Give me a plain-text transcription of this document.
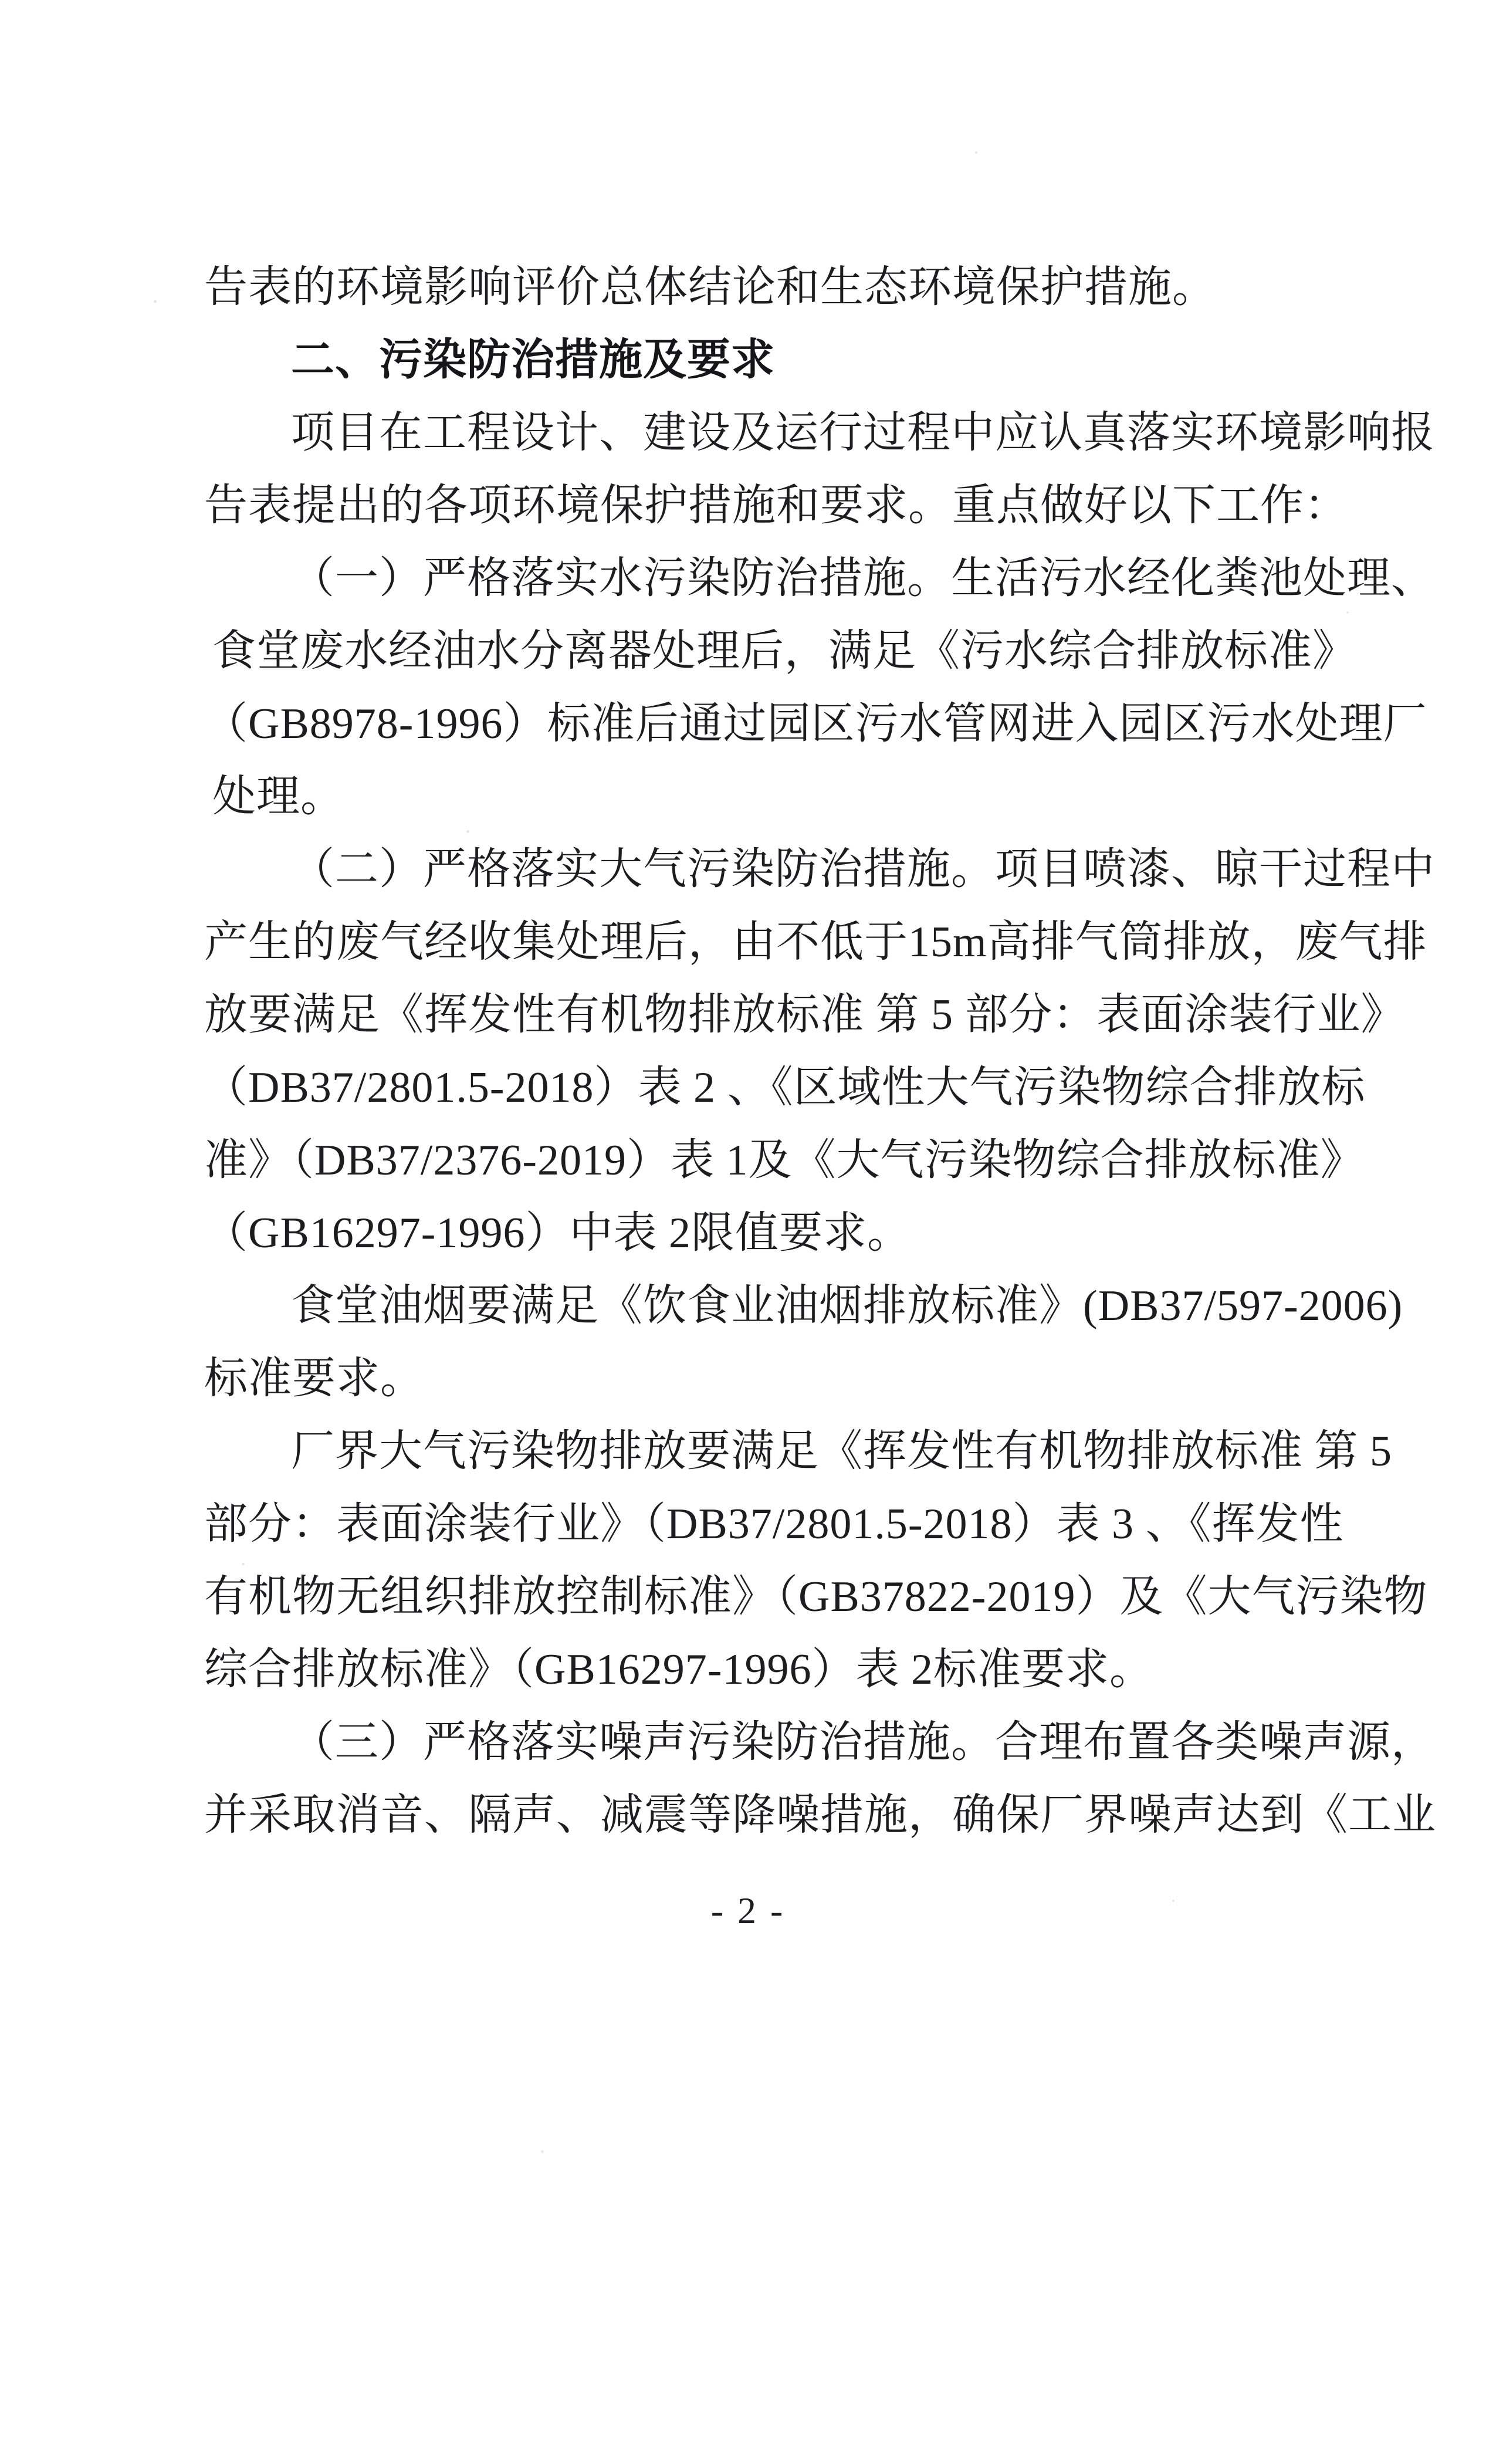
告表的环境影响评价总体结论和生态环境保护措施。
二、污染防治措施及要求
项目在工程设计、建设及运行过程中应认真落实环境影响报
告表提出的各项环境保护措施和要求。重点做好以下工作：
（一）严格落实水污染防治措施。生活污水经化粪池处理、
食堂废水经油水分离器处理后，满足《污水综合排放标准》
（GB8978-1996）标准后通过园区污水管网进入园区污水处理厂
处理。
（二）严格落实大气污染防治措施。项目喷漆、晾干过程中
产生的废气经收集处理后，由不低于15m高排气筒排放，废气排
放要满足《挥发性有机物排放标准 第 5 部分：表面涂装行业》
（DB37/2801.5-2018）表 2 、《区域性大气污染物综合排放标
准》（DB37/2376-2019）表 1及《大气污染物综合排放标准》
（GB16297-1996）中表 2限值要求。
食堂油烟要满足《饮食业油烟排放标准》(DB37/597-2006)
标准要求。
厂界大气污染物排放要满足《挥发性有机物排放标准 第 5
部分：表面涂装行业》（DB37/2801.5-2018）表 3 、《挥发性
有机物无组织排放控制标准》（GB37822-2019）及《大气污染物
综合排放标准》（GB16297-1996）表 2标准要求。
（三）严格落实噪声污染防治措施。合理布置各类噪声源，
并采取消音、隔声、减震等降噪措施，确保厂界噪声达到《工业
- 2 -
